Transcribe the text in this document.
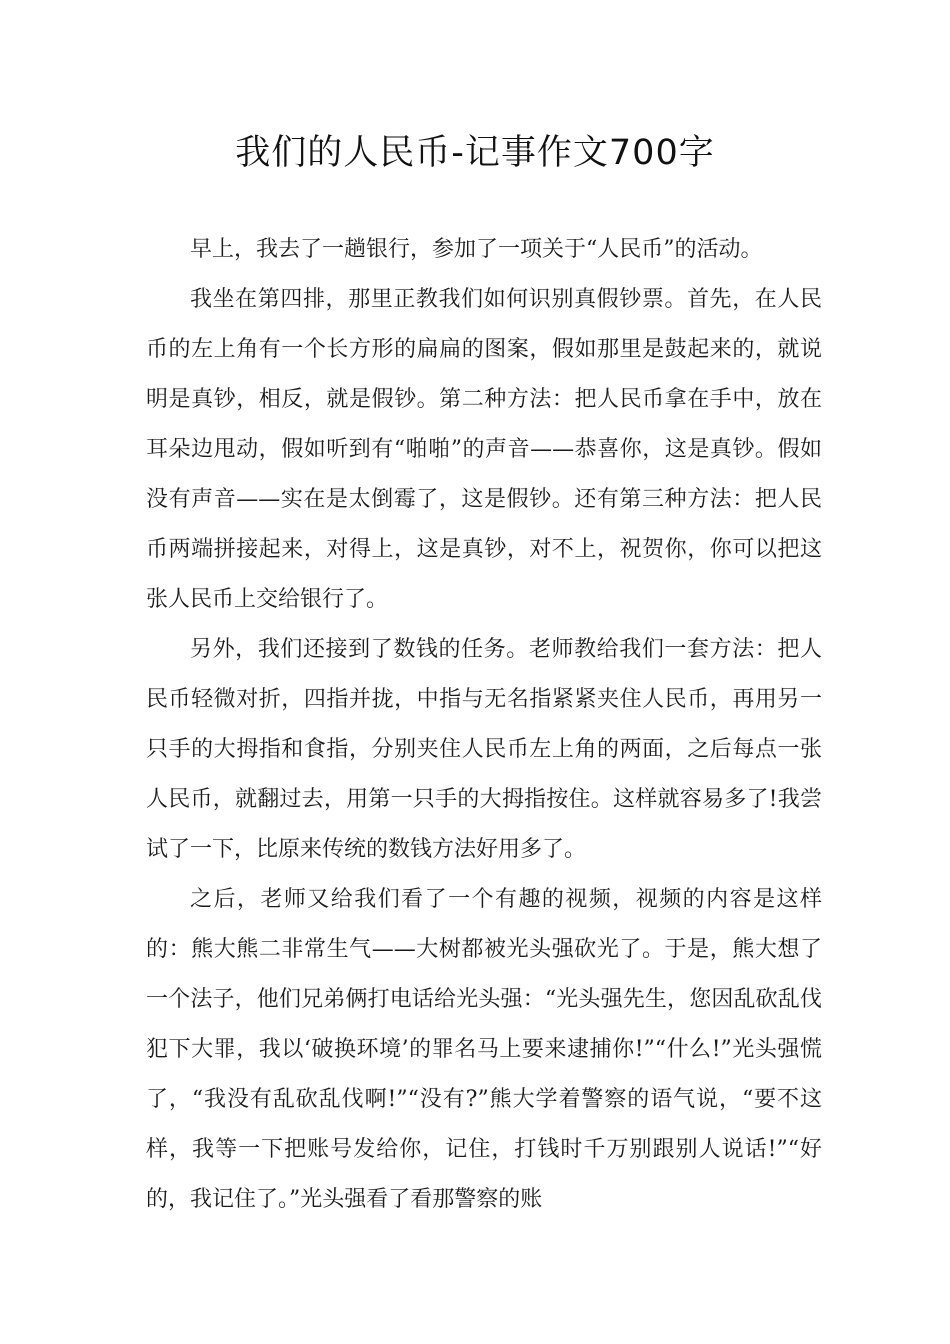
我们的人民币-记事作文700字

早上，我去了一趟银行，参加了一项关于“人民币”的活动。

我坐在第四排，那里正教我们如何识别真假钞票。首先，在人民币的左上角有一个长方形的扁扁的图案，假如那里是鼓起来的，就说明是真钞，相反，就是假钞。第二种方法：把人民币拿在手中，放在耳朵边甩动，假如听到有“啪啪”的声音——恭喜你，这是真钞。假如没有声音——实在是太倒霉了，这是假钞。还有第三种方法：把人民币两端拼接起来，对得上，这是真钞，对不上，祝贺你，你可以把这张人民币上交给银行了。

另外，我们还接到了数钱的任务。老师教给我们一套方法：把人民币轻微对折，四指并拢，中指与无名指紧紧夹住人民币，再用另一只手的大拇指和食指，分别夹住人民币左上角的两面，之后每点一张人民币，就翻过去，用第一只手的大拇指按住。这样就容易多了!我尝试了一下，比原来传统的数钱方法好用多了。

之后，老师又给我们看了一个有趣的视频，视频的内容是这样的：熊大熊二非常生气——大树都被光头强砍光了。于是，熊大想了一个法子，他们兄弟俩打电话给光头强：“光头强先生，您因乱砍乱伐犯下大罪，我以‘破换环境’的罪名马上要来逮捕你!”“什么!”光头强慌了，“我没有乱砍乱伐啊!”“没有?”熊大学着警察的语气说，“要不这样，我等一下把账号发给你，记住，打钱时千万别跟别人说话!”“好的，我记住了。”光头强看了看那警察的账
